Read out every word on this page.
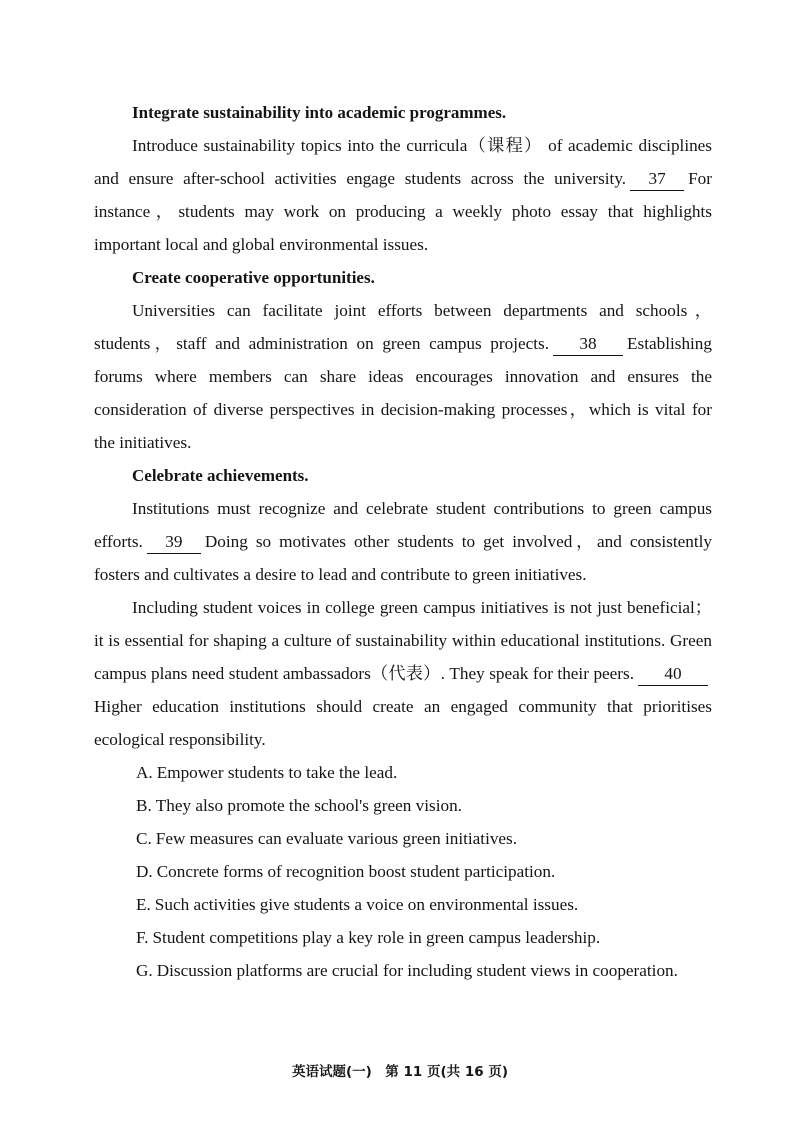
Integrate sustainability into academic programmes.

Introduce sustainability topics into the curricula（课程） of academic disciplines and ensure after-school activities engage students across the university. 37 For instance，students may work on producing a weekly photo essay that highlights important local and global environmental issues.

Create cooperative opportunities.

Universities can facilitate joint efforts between departments and schools，students，staff and administration on green campus projects. 38 Establishing forums where members can share ideas encourages innovation and ensures the consideration of diverse perspectives in decision-making processes，which is vital for the initiatives.

Celebrate achievements.

Institutions must recognize and celebrate student contributions to green campus efforts. 39 Doing so motivates other students to get involved，and consistently fosters and cultivates a desire to lead and contribute to green initiatives.

Including student voices in college green campus initiatives is not just beneficial；it is essential for shaping a culture of sustainability within educational institutions. Green campus plans need student ambassadors（代表）. They speak for their peers. 40Higher education institutions should create an engaged community that prioritises ecological responsibility.

A. Empower students to take the lead.
B. They also promote the school's green vision.
C. Few measures can evaluate various green initiatives.
D. Concrete forms of recognition boost student participation.
E. Such activities give students a voice on environmental issues.
F. Student competitions play a key role in green campus leadership.
G. Discussion platforms are crucial for including student views in cooperation.
英语试题(一)　第 11 页(共 16 页)
